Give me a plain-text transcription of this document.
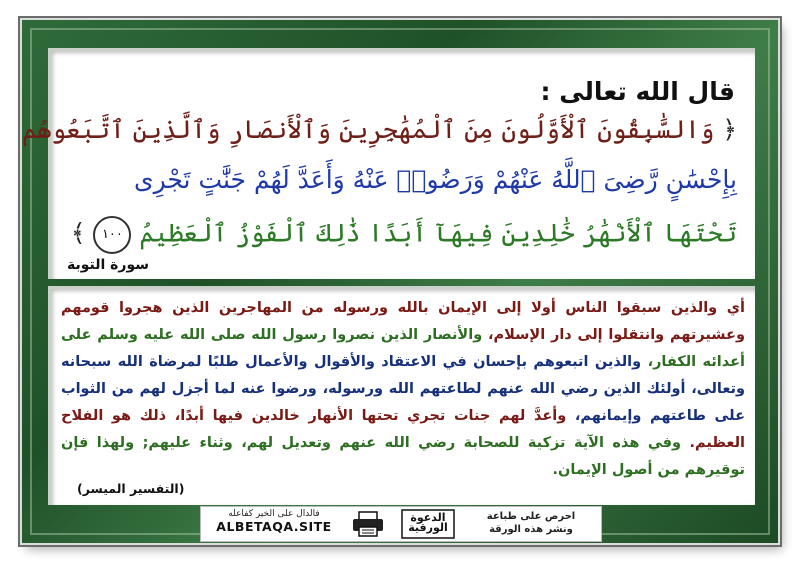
قال الله تعالى :
﴿ وَالسَّٰبِقُونَ ٱلْأَوَّلُونَ مِنَ ٱلْمُهَٰجِرِينَ وَٱلْأَنصَارِ وَٱلَّذِينَ ٱتَّبَعُوهُم
بِإِحْسَٰنٍ رَّضِىَ ٱللَّهُ عَنْهُمْ وَرَضُوا۟ عَنْهُ وَأَعَدَّ لَهُمْ جَنَّٰتٍ تَجْرِى
تَحْتَهَا ٱلْأَنْهَٰرُ خَٰلِدِينَ فِيهَآ أَبَدًا ذَٰلِكَ ٱلْفَوْزُ ٱلْعَظِيمُ ١٠٠ ﴾
سورة التوبة
أي والذين سبقوا الناس أولا إلى الإيمان بالله ورسوله من المهاجرين الذين هجروا قومهم وعشيرتهم وانتقلوا إلى دار الإسلام، والأنصار الذين نصروا رسول الله صلى الله عليه وسلم على أعدائه الكفار، والذين اتبعوهم بإحسان في الاعتقاد والأقوال والأعمال طلبًا لمرضاة الله سبحانه وتعالى، أولئك الذين رضي الله عنهم لطاعتهم الله ورسوله، ورضوا عنه لما أجزل لهم من الثواب على طاعتهم وإيمانهم، وأعدَّ لهم جنات تجري تحتها الأنهار خالدين فيها أبدًا، ذلك هو الفلاح العظيم. وفي هذه الآية تزكية للصحابة رضي الله عنهم وتعديل لهم، وثناء عليهم; ولهذا فإن توقيرهم من أصول الإيمان.
(التفسير الميسر)
فالدال على الخير كفاعله
ALBETAQA.SITE
الدعوة الورقية
احرص على طباعة
ونشر هذه الورقة
